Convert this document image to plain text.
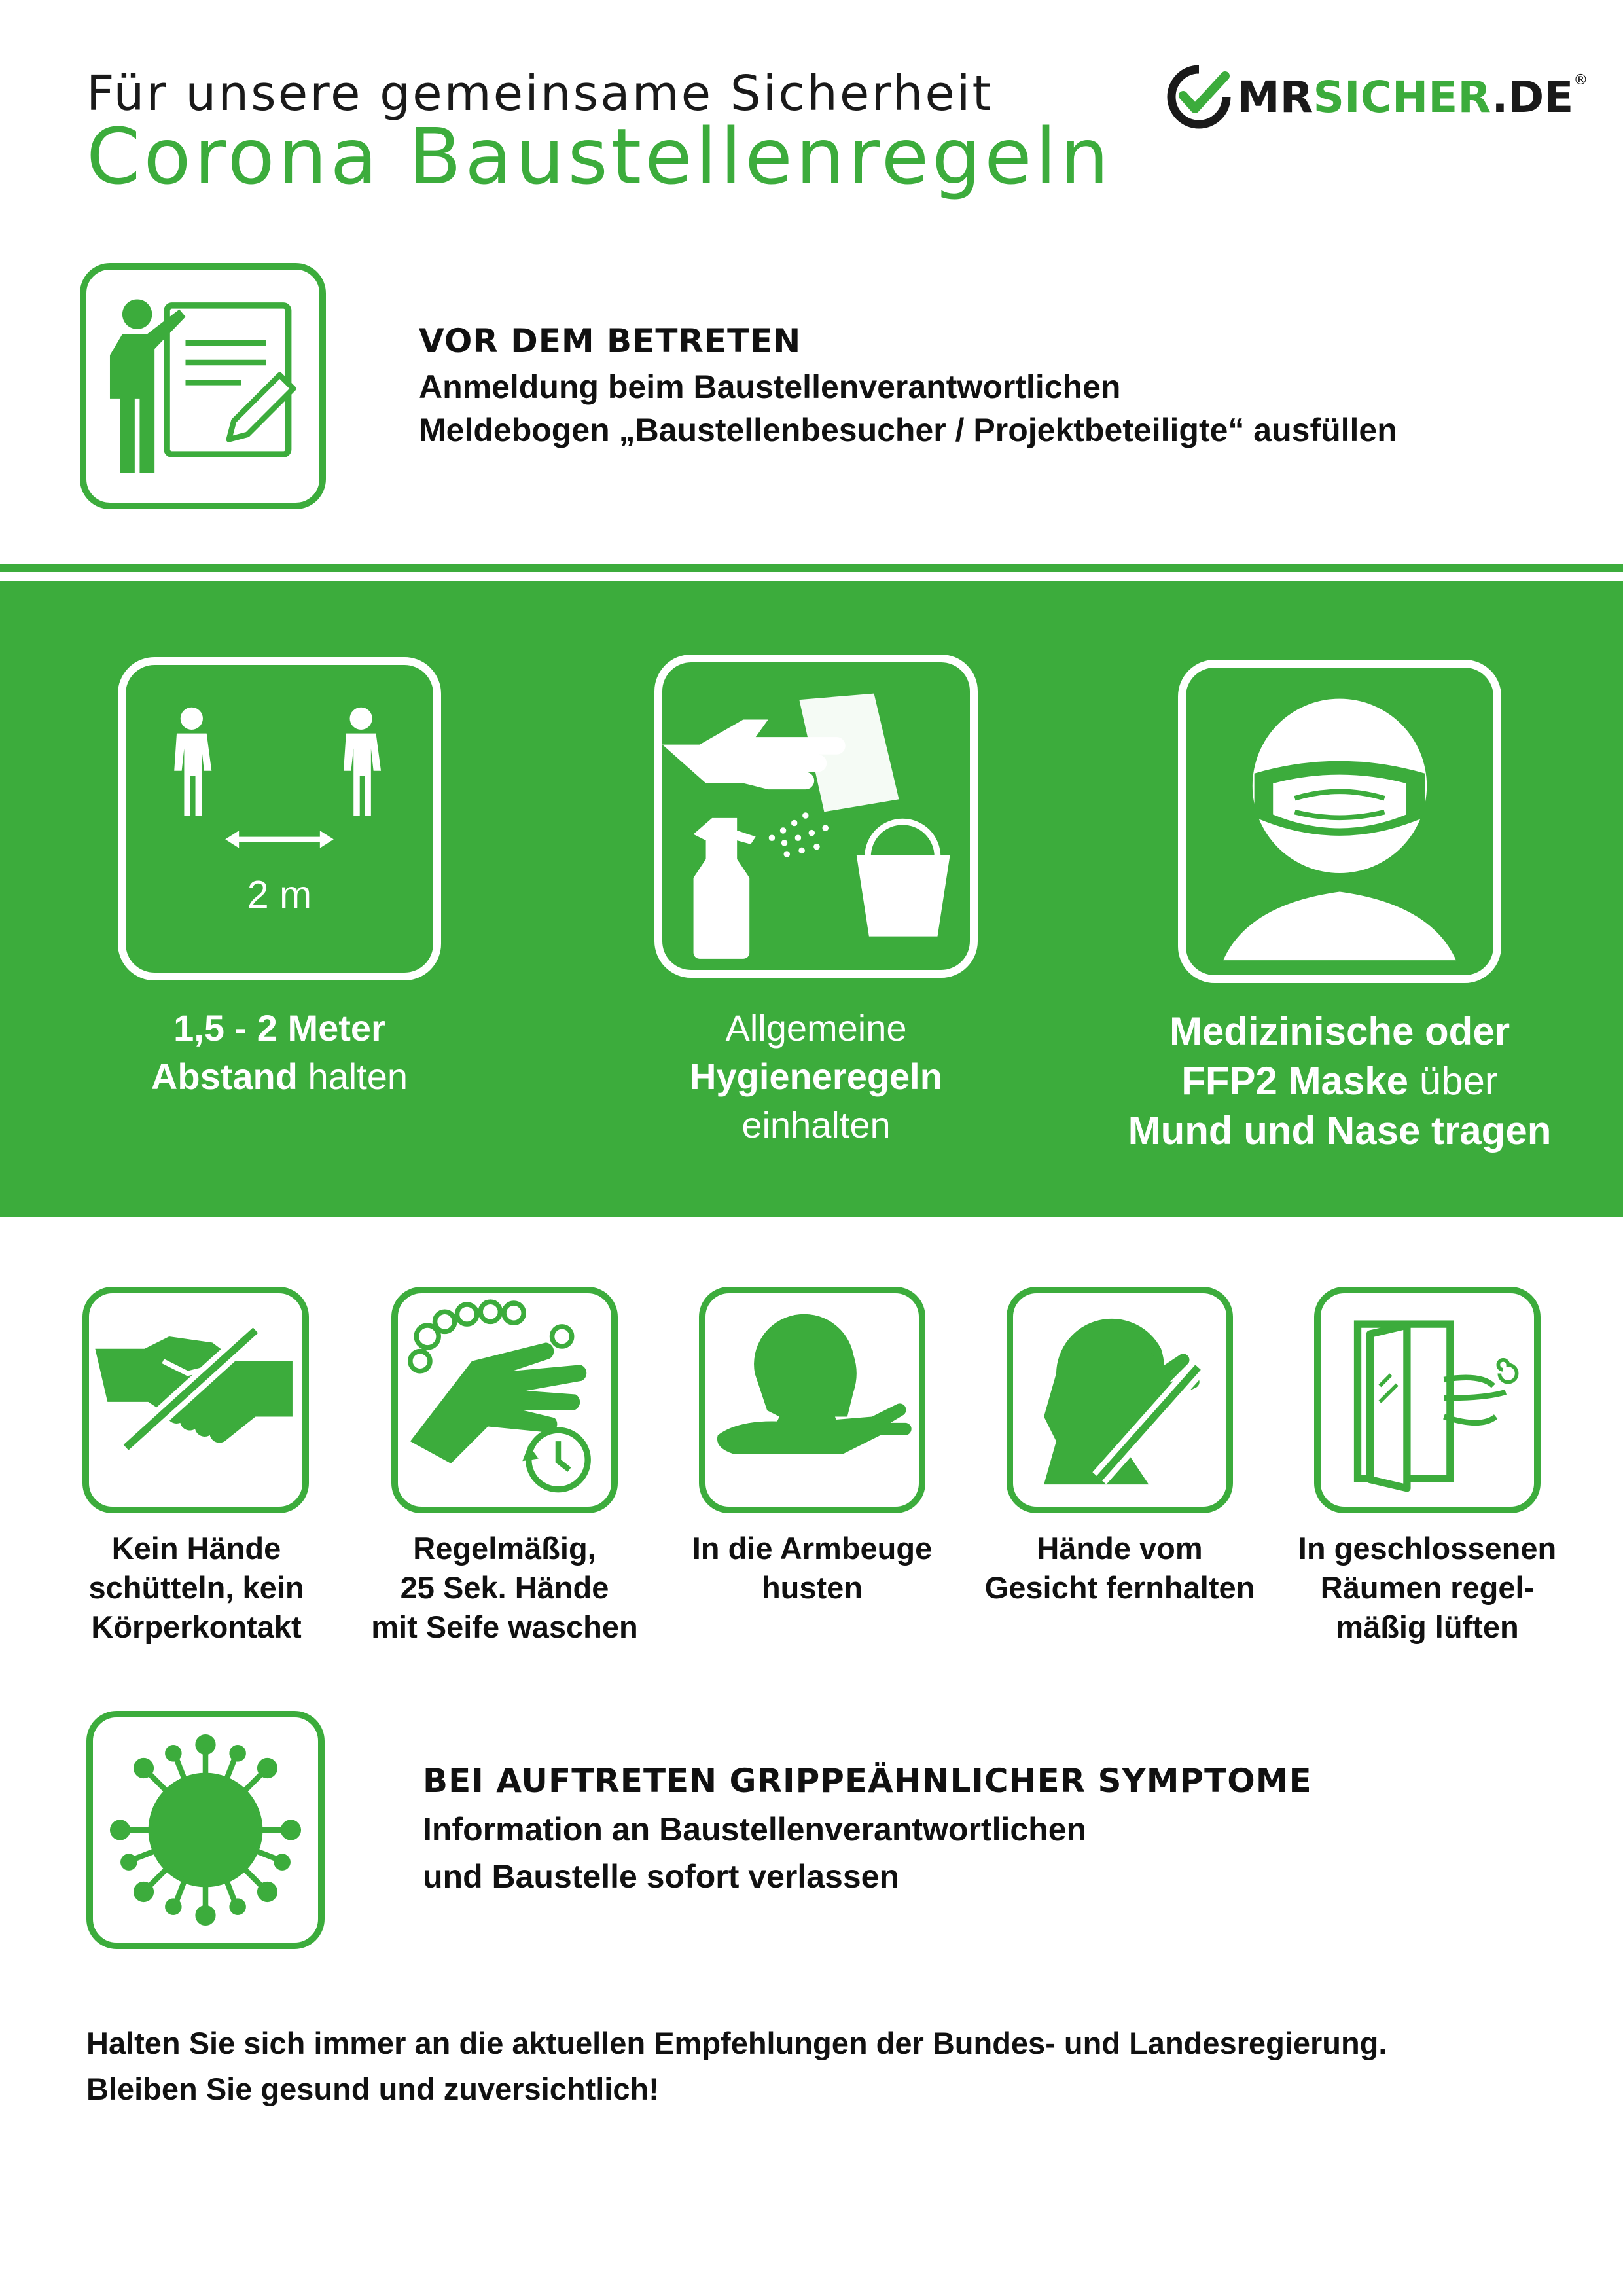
Für unsere gemeinsame Sicherheit
Corona Baustellenregeln
MRSICHER.DE®
VOR DEM BETRETEN
Anmeldung beim Baustellenverantwortlichen
Meldebogen „Baustellenbesucher / Projektbeteiligte“ ausfüllen
2 m
1,5 - 2 Meter
Abstand halten
Allgemeine
Hygieneregeln
einhalten
Medizinische oder
FFP2 Maske über
Mund und Nase tragen
Kein Hände
schütteln, kein
Körperkontakt
Regelmäßig,
25 Sek. Hände
mit Seife waschen
In die Armbeuge
husten
Hände vom
Gesicht fernhalten
In geschlossenen
Räumen regel-
mäßig lüften
BEI AUFTRETEN GRIPPEÄHNLICHER SYMPTOME
Information an Baustellenverantwortlichen
und Baustelle sofort verlassen
Halten Sie sich immer an die aktuellen Empfehlungen der Bundes- und Landesregierung.
Bleiben Sie gesund und zuversichtlich!
